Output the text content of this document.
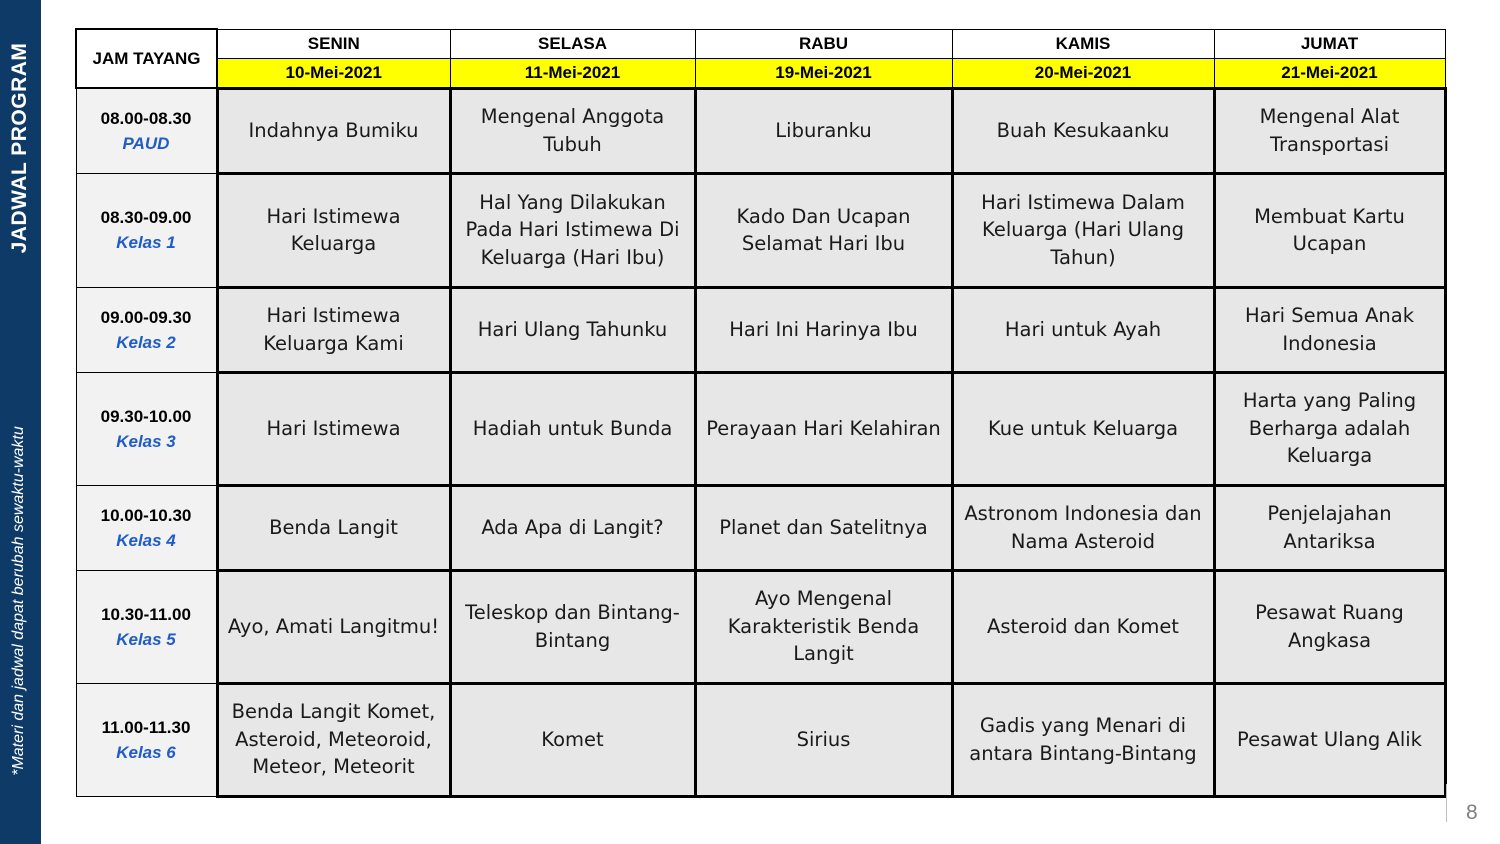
JADWAL PROGRAM
*Materi dan jadwal dapat berubah sewaktu-waktu
JAM TAYANG	SENIN	SELASA	RABU	KAMIS	JUMAT
	10-Mei-2021	11-Mei-2021	19-Mei-2021	20-Mei-2021	21-Mei-2021

08.00-08.30
PAUD	Indahnya Bumiku	Mengenal Anggota Tubuh	Liburanku	Buah Kesukaanku	Mengenal Alat Transportasi

08.30-09.00
Kelas 1	Hari Istimewa Keluarga	Hal Yang Dilakukan Pada Hari Istimewa Di Keluarga (Hari Ibu)	Kado Dan Ucapan Selamat Hari Ibu	Hari Istimewa Dalam Keluarga (Hari Ulang Tahun)	Membuat Kartu Ucapan

09.00-09.30
Kelas 2	Hari Istimewa Keluarga Kami	Hari Ulang Tahunku	Hari Ini Harinya Ibu	Hari untuk Ayah	Hari Semua Anak Indonesia

09.30-10.00
Kelas 3	Hari Istimewa	Hadiah untuk Bunda	Perayaan Hari Kelahiran	Kue untuk Keluarga	Harta yang Paling Berharga adalah Keluarga

10.00-10.30
Kelas 4	Benda Langit	Ada Apa di Langit?	Planet dan Satelitnya	Astronom Indonesia dan Nama Asteroid	Penjelajahan Antariksa

10.30-11.00
Kelas 5	Ayo, Amati Langitmu!	Teleskop dan Bintang-Bintang	Ayo Mengenal Karakteristik Benda Langit	Asteroid dan Komet	Pesawat Ruang Angkasa

11.00-11.30
Kelas 6	Benda Langit Komet, Asteroid, Meteoroid, Meteor, Meteorit	Komet	Sirius	Gadis yang Menari di antara Bintang-Bintang	Pesawat Ulang Alik
8
